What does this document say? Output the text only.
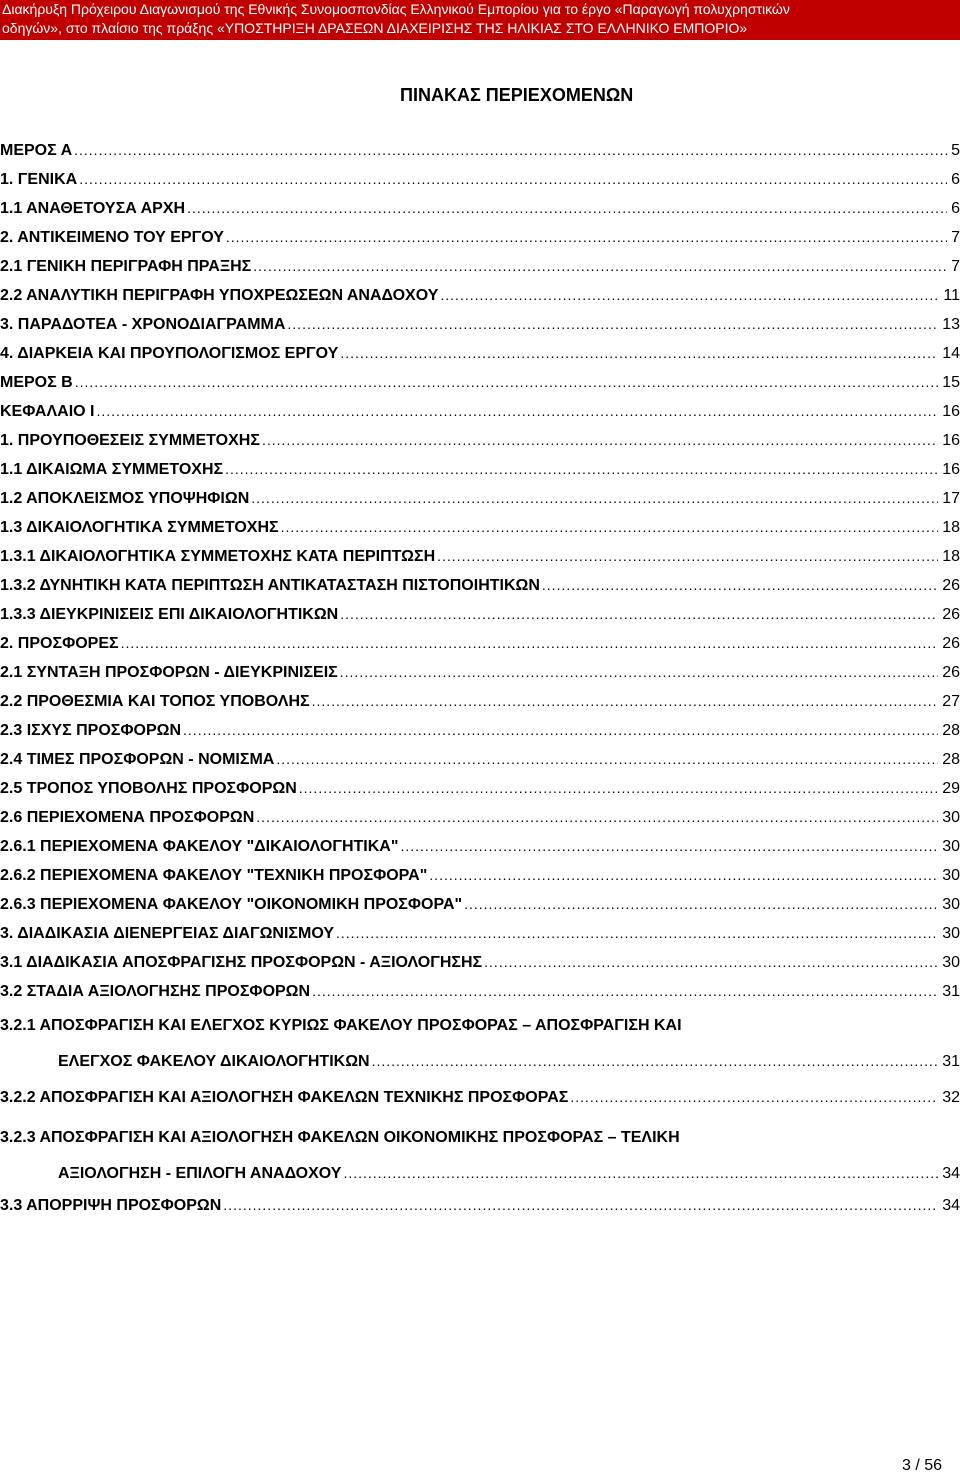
Διακήρυξη Πρόχειρου Διαγωνισμού της Εθνικής Συνομοσπονδίας Ελληνικού Εμπορίου για το έργο «Παραγωγή πολυχρηστικών
οδηγών», στο πλαίσιο της πράξης «ΥΠΟΣΤΗΡΙΞΗ ΔΡΑΣΕΩΝ ΔΙΑΧΕΙΡΙΣΗΣ ΤΗΣ ΗΛΙΚΙΑΣ ΣΤΟ ΕΛΛΗΝΙΚΟ ΕΜΠΟΡΙΟ»
ΠΙΝΑΚΑΣ ΠΕΡΙΕΧΟΜΕΝΩΝ
ΜΕΡΟΣ Α .....	5
1. ΓΕΝΙΚΑ .....	6
1.1 ΑΝΑΘΕΤΟΥΣΑ ΑΡΧΗ .....	6
2. ΑΝΤΙΚΕΙΜΕΝΟ ΤΟΥ ΕΡΓΟΥ .....	7
2.1 ΓΕΝΙΚΗ ΠΕΡΙΓΡΑΦΗ ΠΡΑΞΗΣ .....	7
2.2 ΑΝΑΛΥΤΙΚΗ ΠΕΡΙΓΡΑΦΗ ΥΠΟΧΡΕΩΣΕΩΝ ΑΝΑΔΟΧΟΥ .....	11
3. ΠΑΡΑΔΟΤΕΑ - ΧΡΟΝΟΔΙΑΓΡΑΜΜΑ .....	13
4. ΔΙΑΡΚΕΙΑ ΚΑΙ ΠΡΟΥΠΟΛΟΓΙΣΜΟΣ ΕΡΓΟΥ .....	14
ΜΕΡΟΣ Β .....	15
ΚΕΦΑΛΑΙΟ Ι .....	16
1. ΠΡΟΥΠΟΘΕΣΕΙΣ ΣΥΜΜΕΤΟΧΗΣ .....	16
1.1 ΔΙΚΑΙΩΜΑ ΣΥΜΜΕΤΟΧΗΣ .....	16
1.2 ΑΠΟΚΛΕΙΣΜΟΣ ΥΠΟΨΗΦΙΩΝ .....	17
1.3 ΔΙΚΑΙΟΛΟΓΗΤΙΚΑ ΣΥΜΜΕΤΟΧΗΣ .....	18
1.3.1 ΔΙΚΑΙΟΛΟΓΗΤΙΚΑ ΣΥΜΜΕΤΟΧΗΣ ΚΑΤΑ ΠΕΡΙΠΤΩΣΗ .....	18
1.3.2 ΔΥΝΗΤΙΚΗ ΚΑΤΑ ΠΕΡΙΠΤΩΣΗ ΑΝΤΙΚΑΤΑΣΤΑΣΗ ΠΙΣΤΟΠΟΙΗΤΙΚΩΝ .....	26
1.3.3 ΔΙΕΥΚΡΙΝΙΣΕΙΣ ΕΠΙ ΔΙΚΑΙΟΛΟΓΗΤΙΚΩΝ .....	26
2. ΠΡΟΣΦΟΡΕΣ .....	26
2.1 ΣΥΝΤΑΞΗ ΠΡΟΣΦΟΡΩΝ - ΔΙΕΥΚΡΙΝΙΣΕΙΣ .....	26
2.2 ΠΡΟΘΕΣΜΙΑ ΚΑΙ ΤΟΠΟΣ ΥΠΟΒΟΛΗΣ .....	27
2.3 ΙΣΧΥΣ ΠΡΟΣΦΟΡΩΝ .....	28
2.4 ΤΙΜΕΣ ΠΡΟΣΦΟΡΩΝ - ΝΟΜΙΣΜΑ .....	28
2.5 ΤΡΟΠΟΣ ΥΠΟΒΟΛΗΣ ΠΡΟΣΦΟΡΩΝ .....	29
2.6 ΠΕΡΙΕΧΟΜΕΝΑ ΠΡΟΣΦΟΡΩΝ .....	30
2.6.1 ΠΕΡΙΕΧΟΜΕΝΑ ΦΑΚΕΛΟΥ "ΔΙΚΑΙΟΛΟΓΗΤΙΚΑ" .....	30
2.6.2 ΠΕΡΙΕΧΟΜΕΝΑ ΦΑΚΕΛΟΥ "ΤΕΧΝΙΚΗ ΠΡΟΣΦΟΡΑ" .....	30
2.6.3 ΠΕΡΙΕΧΟΜΕΝΑ ΦΑΚΕΛΟΥ "ΟΙΚΟΝΟΜΙΚΗ ΠΡΟΣΦΟΡΑ" .....	30
3. ΔΙΑΔΙΚΑΣΙΑ ΔΙΕΝΕΡΓΕΙΑΣ ΔΙΑΓΩΝΙΣΜΟΥ .....	30
3.1 ΔΙΑΔΙΚΑΣΙΑ ΑΠΟΣΦΡΑΓΙΣΗΣ ΠΡΟΣΦΟΡΩΝ - ΑΞΙΟΛΟΓΗΣΗΣ .....	30
3.2 ΣΤΑΔΙΑ ΑΞΙΟΛΟΓΗΣΗΣ ΠΡΟΣΦΟΡΩΝ .....	31
3.2.1 ΑΠΟΣΦΡΑΓΙΣΗ ΚΑΙ ΕΛΕΓΧΟΣ ΚΥΡΙΩΣ ΦΑΚΕΛΟΥ ΠΡΟΣΦΟΡΑΣ – ΑΠΟΣΦΡΑΓΙΣΗ ΚΑΙ
ΕΛΕΓΧΟΣ ΦΑΚΕΛΟΥ ΔΙΚΑΙΟΛΟΓΗΤΙΚΩΝ .....	31
3.2.2 ΑΠΟΣΦΡΑΓΙΣΗ ΚΑΙ ΑΞΙΟΛΟΓΗΣΗ ΦΑΚΕΛΩΝ ΤΕΧΝΙΚΗΣ ΠΡΟΣΦΟΡΑΣ .....	32
3.2.3 ΑΠΟΣΦΡΑΓΙΣΗ ΚΑΙ ΑΞΙΟΛΟΓΗΣΗ ΦΑΚΕΛΩΝ ΟΙΚΟΝΟΜΙΚΗΣ ΠΡΟΣΦΟΡΑΣ – ΤΕΛΙΚΗ
ΑΞΙΟΛΟΓΗΣΗ - ΕΠΙΛΟΓΗ ΑΝΑΔΟΧΟΥ .....	34
3.3 ΑΠΟΡΡΙΨΗ ΠΡΟΣΦΟΡΩΝ .....	34
3 / 56
